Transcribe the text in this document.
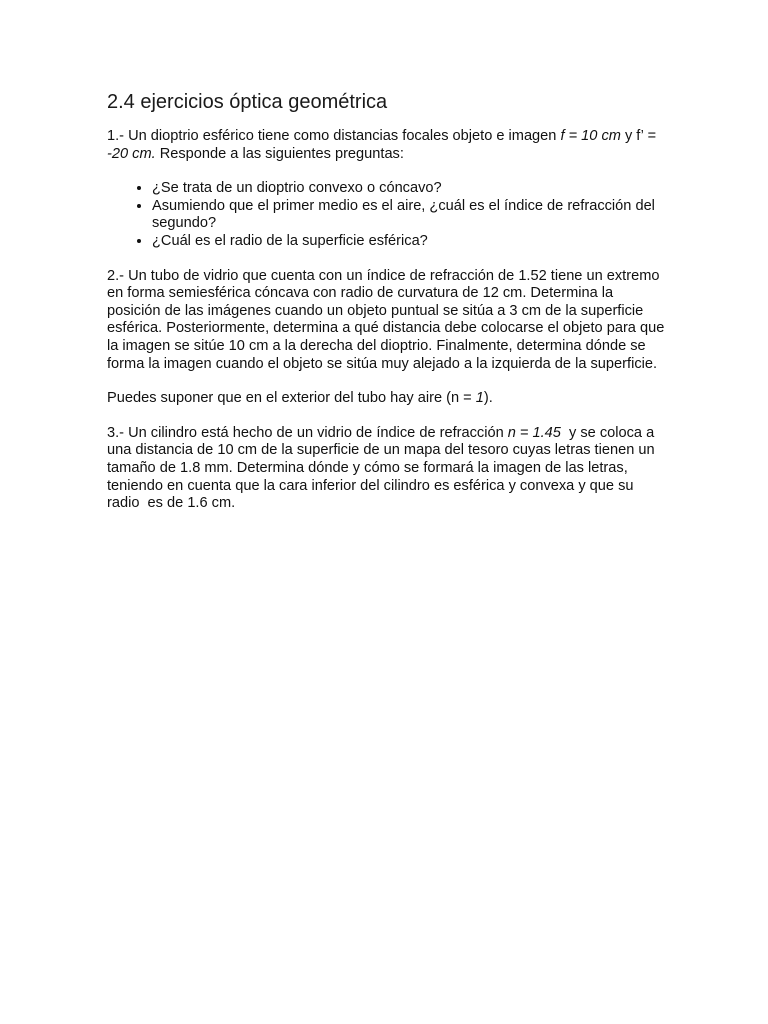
2.4 ejercicios óptica geométrica

1.- Un dioptrio esférico tiene como distancias focales objeto e imagen f = 10 cm y f’ = -20 cm. Responde a las siguientes preguntas:

• ¿Se trata de un dioptrio convexo o cóncavo?
• Asumiendo que el primer medio es el aire, ¿cuál es el índice de refracción del segundo?
• ¿Cuál es el radio de la superficie esférica?

2.- Un tubo de vidrio que cuenta con un índice de refracción de 1.52 tiene un extremo en forma semiesférica cóncava con radio de curvatura de 12 cm. Determina la posición de las imágenes cuando un objeto puntual se sitúa a 3 cm de la superficie esférica. Posteriormente, determina a qué distancia debe colocarse el objeto para que la imagen se sitúe 10 cm a la derecha del dioptrio. Finalmente, determina dónde se forma la imagen cuando el objeto se sitúa muy alejado a la izquierda de la superficie.

Puedes suponer que en el exterior del tubo hay aire (n = 1).

3.- Un cilindro está hecho de un vidrio de índice de refracción n = 1.45  y se coloca a una distancia de 10 cm de la superficie de un mapa del tesoro cuyas letras tienen un tamaño de 1.8 mm. Determina dónde y cómo se formará la imagen de las letras, teniendo en cuenta que la cara inferior del cilindro es esférica y convexa y que su radio  es de 1.6 cm.
